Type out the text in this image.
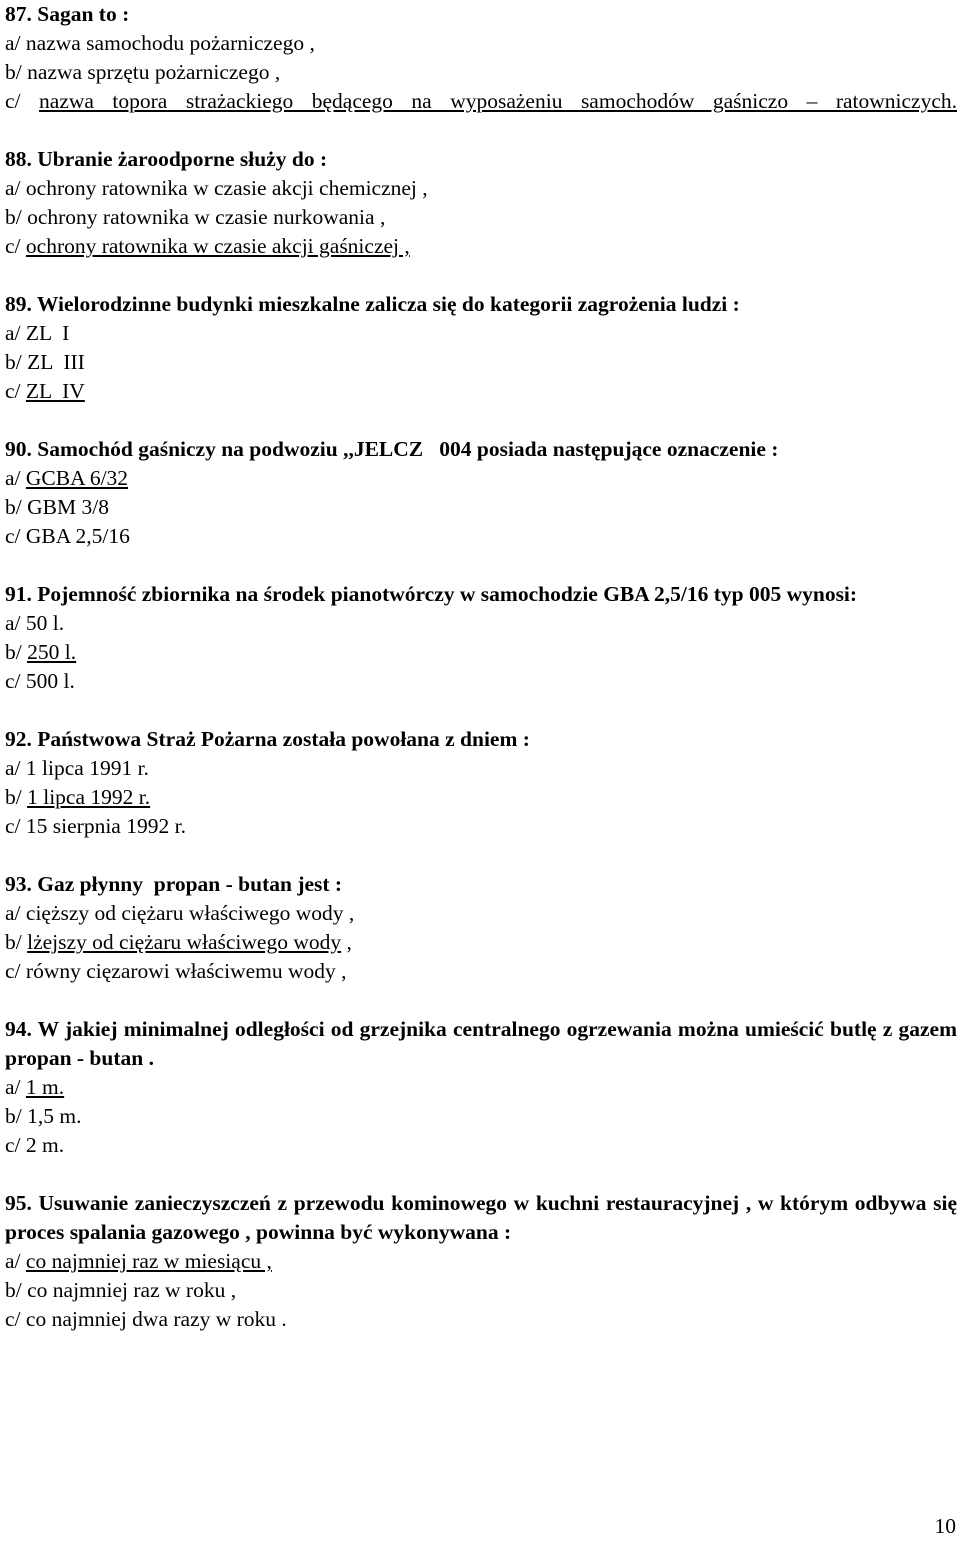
87. Sagan to :
a/ nazwa samochodu pożarniczego ,
b/ nazwa sprzętu pożarniczego ,
c/ nazwa topora strażackiego będącego na wyposażeniu samochodów gaśniczo – ratowniczych.
88. Ubranie żaroodporne służy do :
a/ ochrony ratownika w czasie akcji chemicznej ,
b/ ochrony ratownika w czasie nurkowania ,
c/ ochrony ratownika w czasie akcji gaśniczej ,
89. Wielorodzinne budynki mieszkalne zalicza się do kategorii zagrożenia ludzi :
a/ ZL  I
b/ ZL  III
c/ ZL  IV
90. Samochód gaśniczy na podwoziu ,,JELCZ   004 posiada następujące oznaczenie :
a/ GCBA 6/32
b/ GBM 3/8
c/ GBA 2,5/16
91. Pojemność zbiornika na środek pianotwórczy w samochodzie GBA 2,5/16 typ 005 wynosi:
a/ 50 l.
b/ 250 l.
c/ 500 l.
92. Państwowa Straż Pożarna została powołana z dniem :
a/ 1 lipca 1991 r.
b/ 1 lipca 1992 r.
c/ 15 sierpnia 1992 r.
93. Gaz płynny  propan - butan jest :
a/ cięższy od ciężaru właściwego wody ,
b/ lżejszy od ciężaru właściwego wody ,
c/ równy cięzarowi właściwemu wody ,
94. W jakiej minimalnej odległości od grzejnika centralnego ogrzewania można umieścić butlę z gazem propan - butan .
a/ 1 m.
b/ 1,5 m.
c/ 2 m.
95. Usuwanie zanieczyszczeń z przewodu kominowego w kuchni restauracyjnej , w którym odbywa się proces spalania gazowego , powinna być wykonywana :
a/ co najmniej raz w miesiącu ,
b/ co najmniej raz w roku ,
c/ co najmniej dwa razy w roku .
10
